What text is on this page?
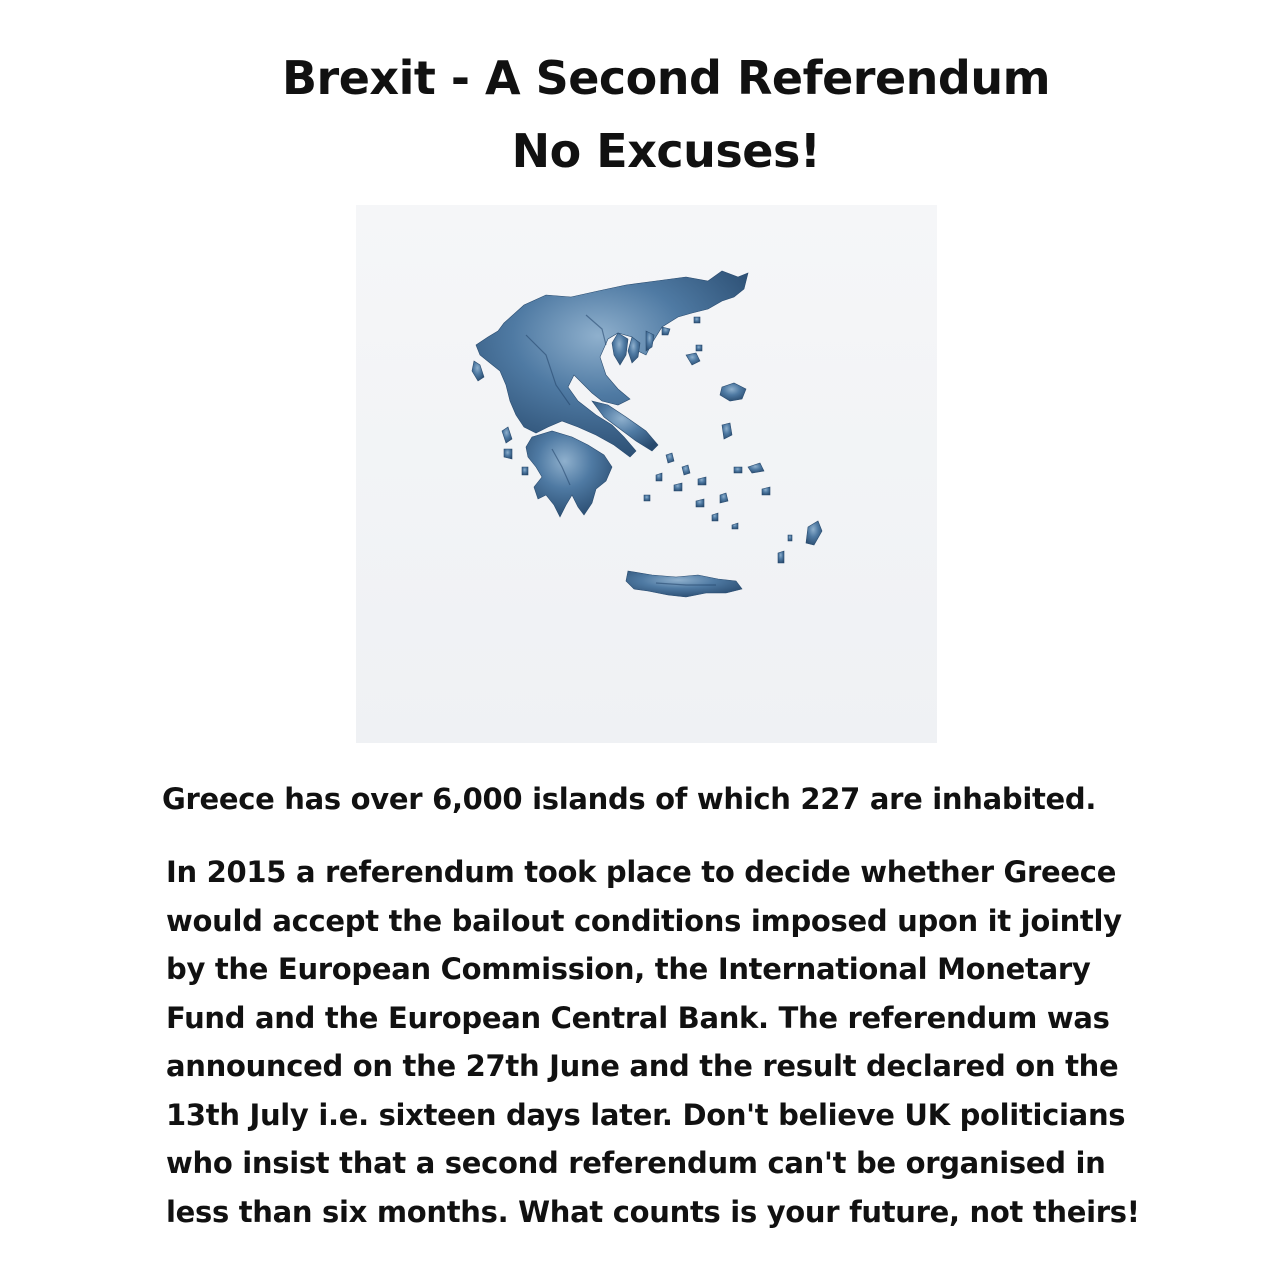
Brexit - A Second Referendum
No Excuses!
Greece has over 6,000 islands of which 227 are inhabited.
In 2015 a referendum took place to decide whether Greece
would accept the bailout conditions imposed upon it jointly
by the European Commission, the International Monetary
Fund and the European Central Bank. The referendum was
announced on the 27th June and the result declared on the
13th July i.e. sixteen days later. Don't believe UK politicians
who insist that a second referendum can't be organised in
less than six months. What counts is your future, not theirs!
